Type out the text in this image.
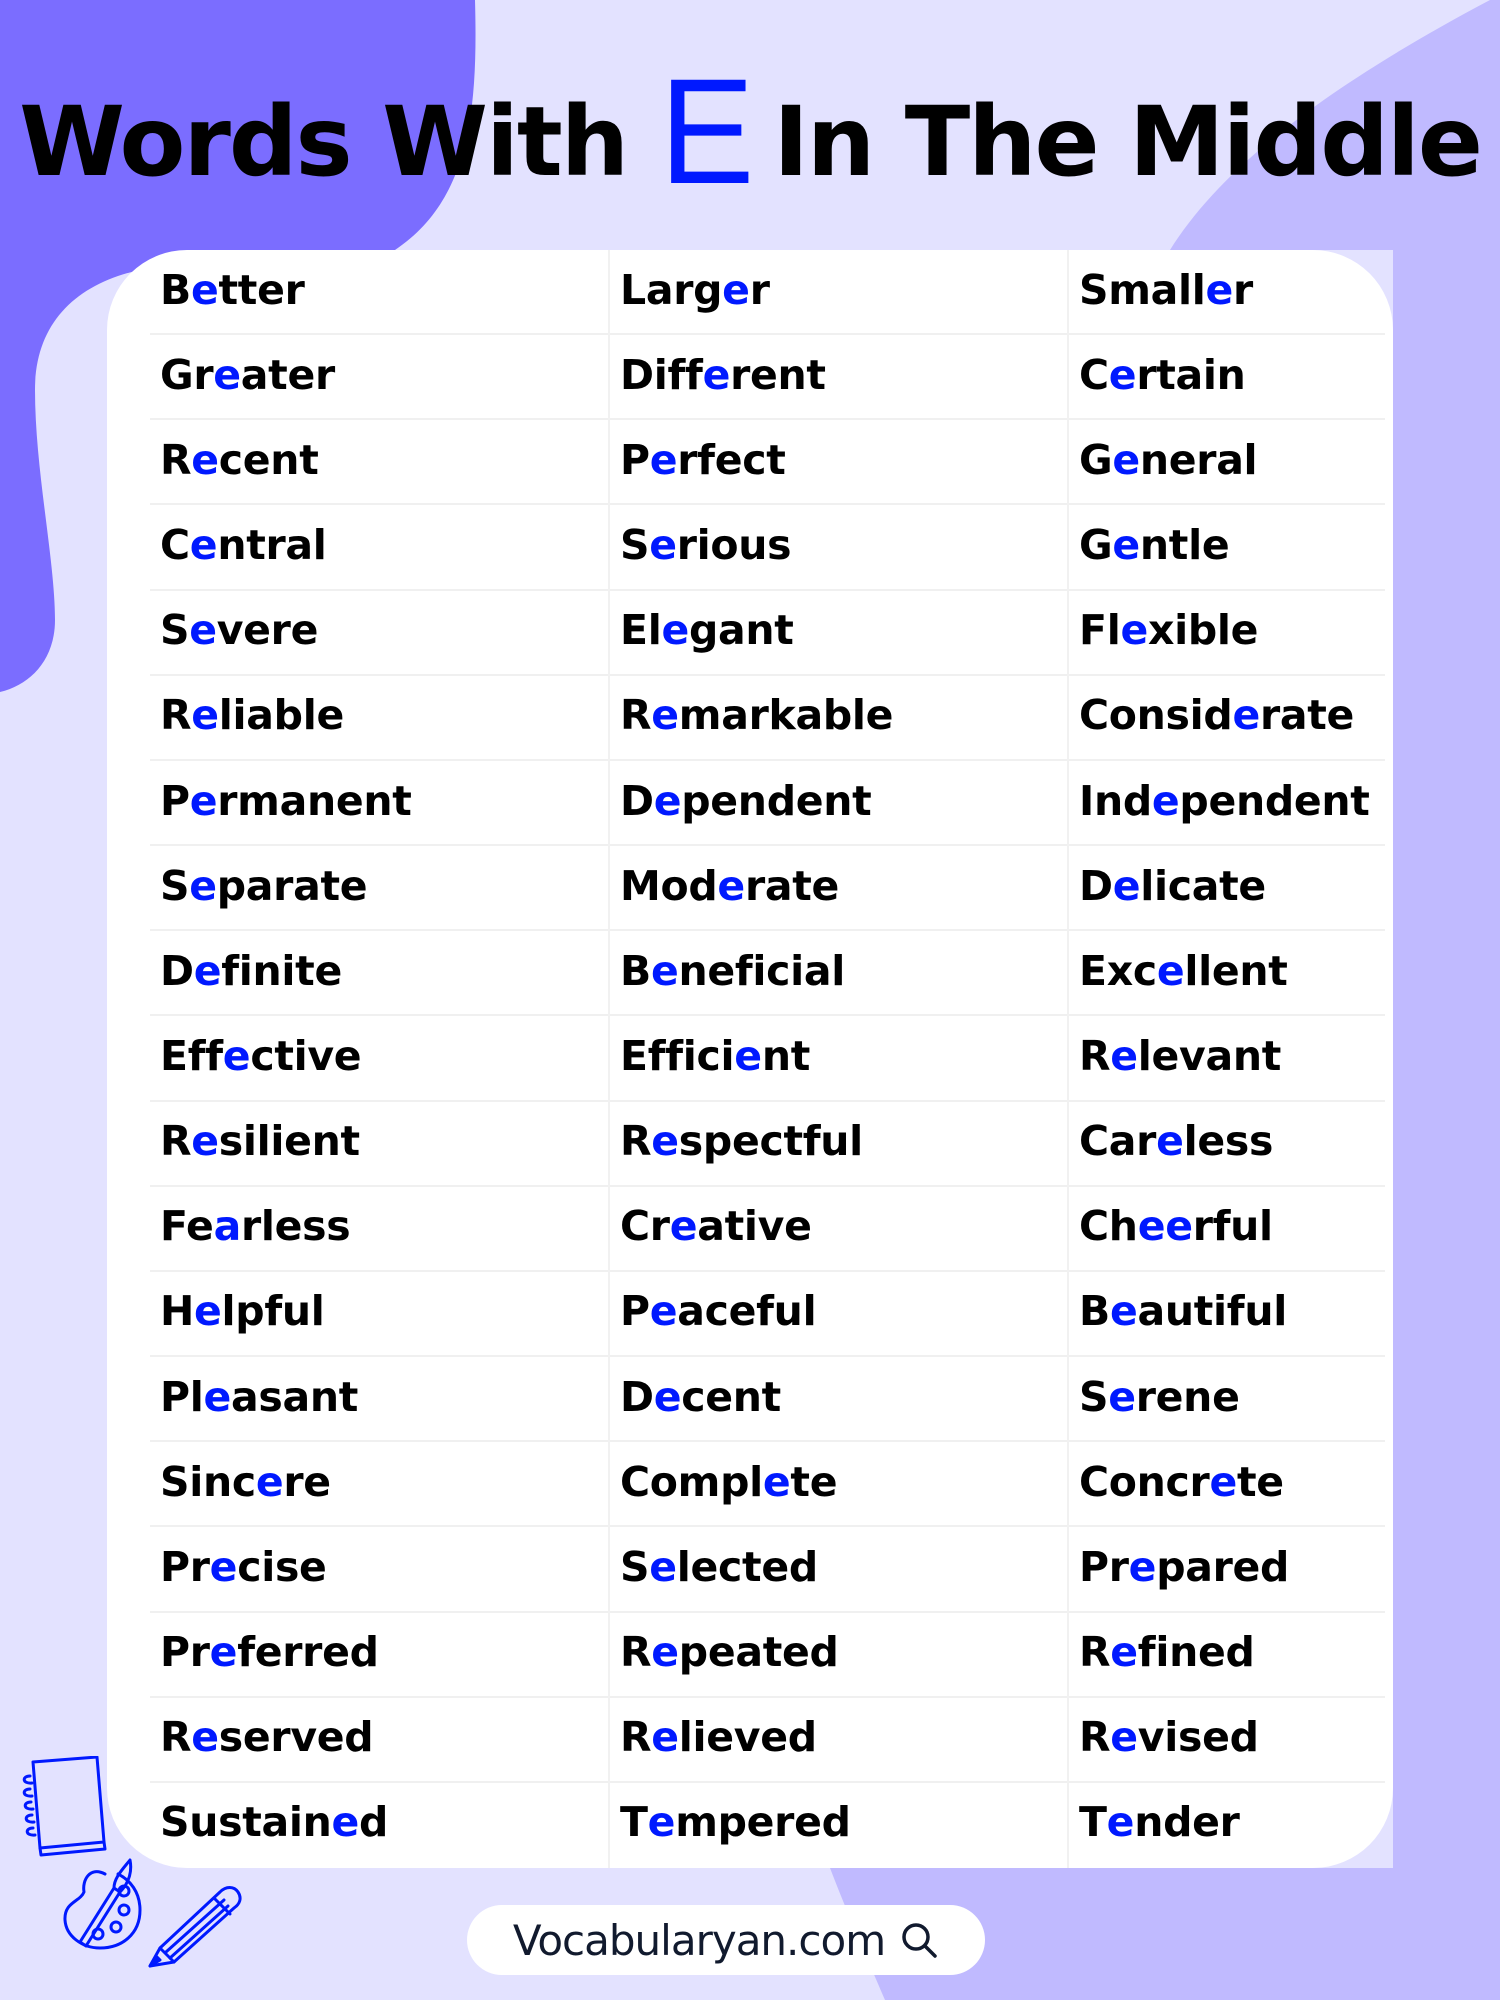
Words With E In The Middle
B e tter	Larg e r	Small e r
Gr e ater	Diff e rent	C e rtain
R e cent	P e rfect	G e neral
C e ntral	S e rious	G e ntle
S e vere	El e gant	Fl e xible
R e liable	R e markable	Consid e rate
P e rmanent	D e pendent	Ind e pendent
S e parate	Mod e rate	D e licate
D e finite	B e neficial	Exc e llent
Eff e ctive	Effici e nt	R e levant
R e silient	R e spectful	Car e less
Fe a rless	Cr e ative	Ch ee rful
H e lpful	P e aceful	B e autiful
Pl e asant	D e cent	S e rene
Sinc e re	Compl e te	Concr e te
Pr e cise	S e lected	Pr e pared
Pr e ferred	R e peated	R e fined
R e served	R e lieved	R e vised
Sustain e d	T e mpered	T e nder
Vocabularyan.com
